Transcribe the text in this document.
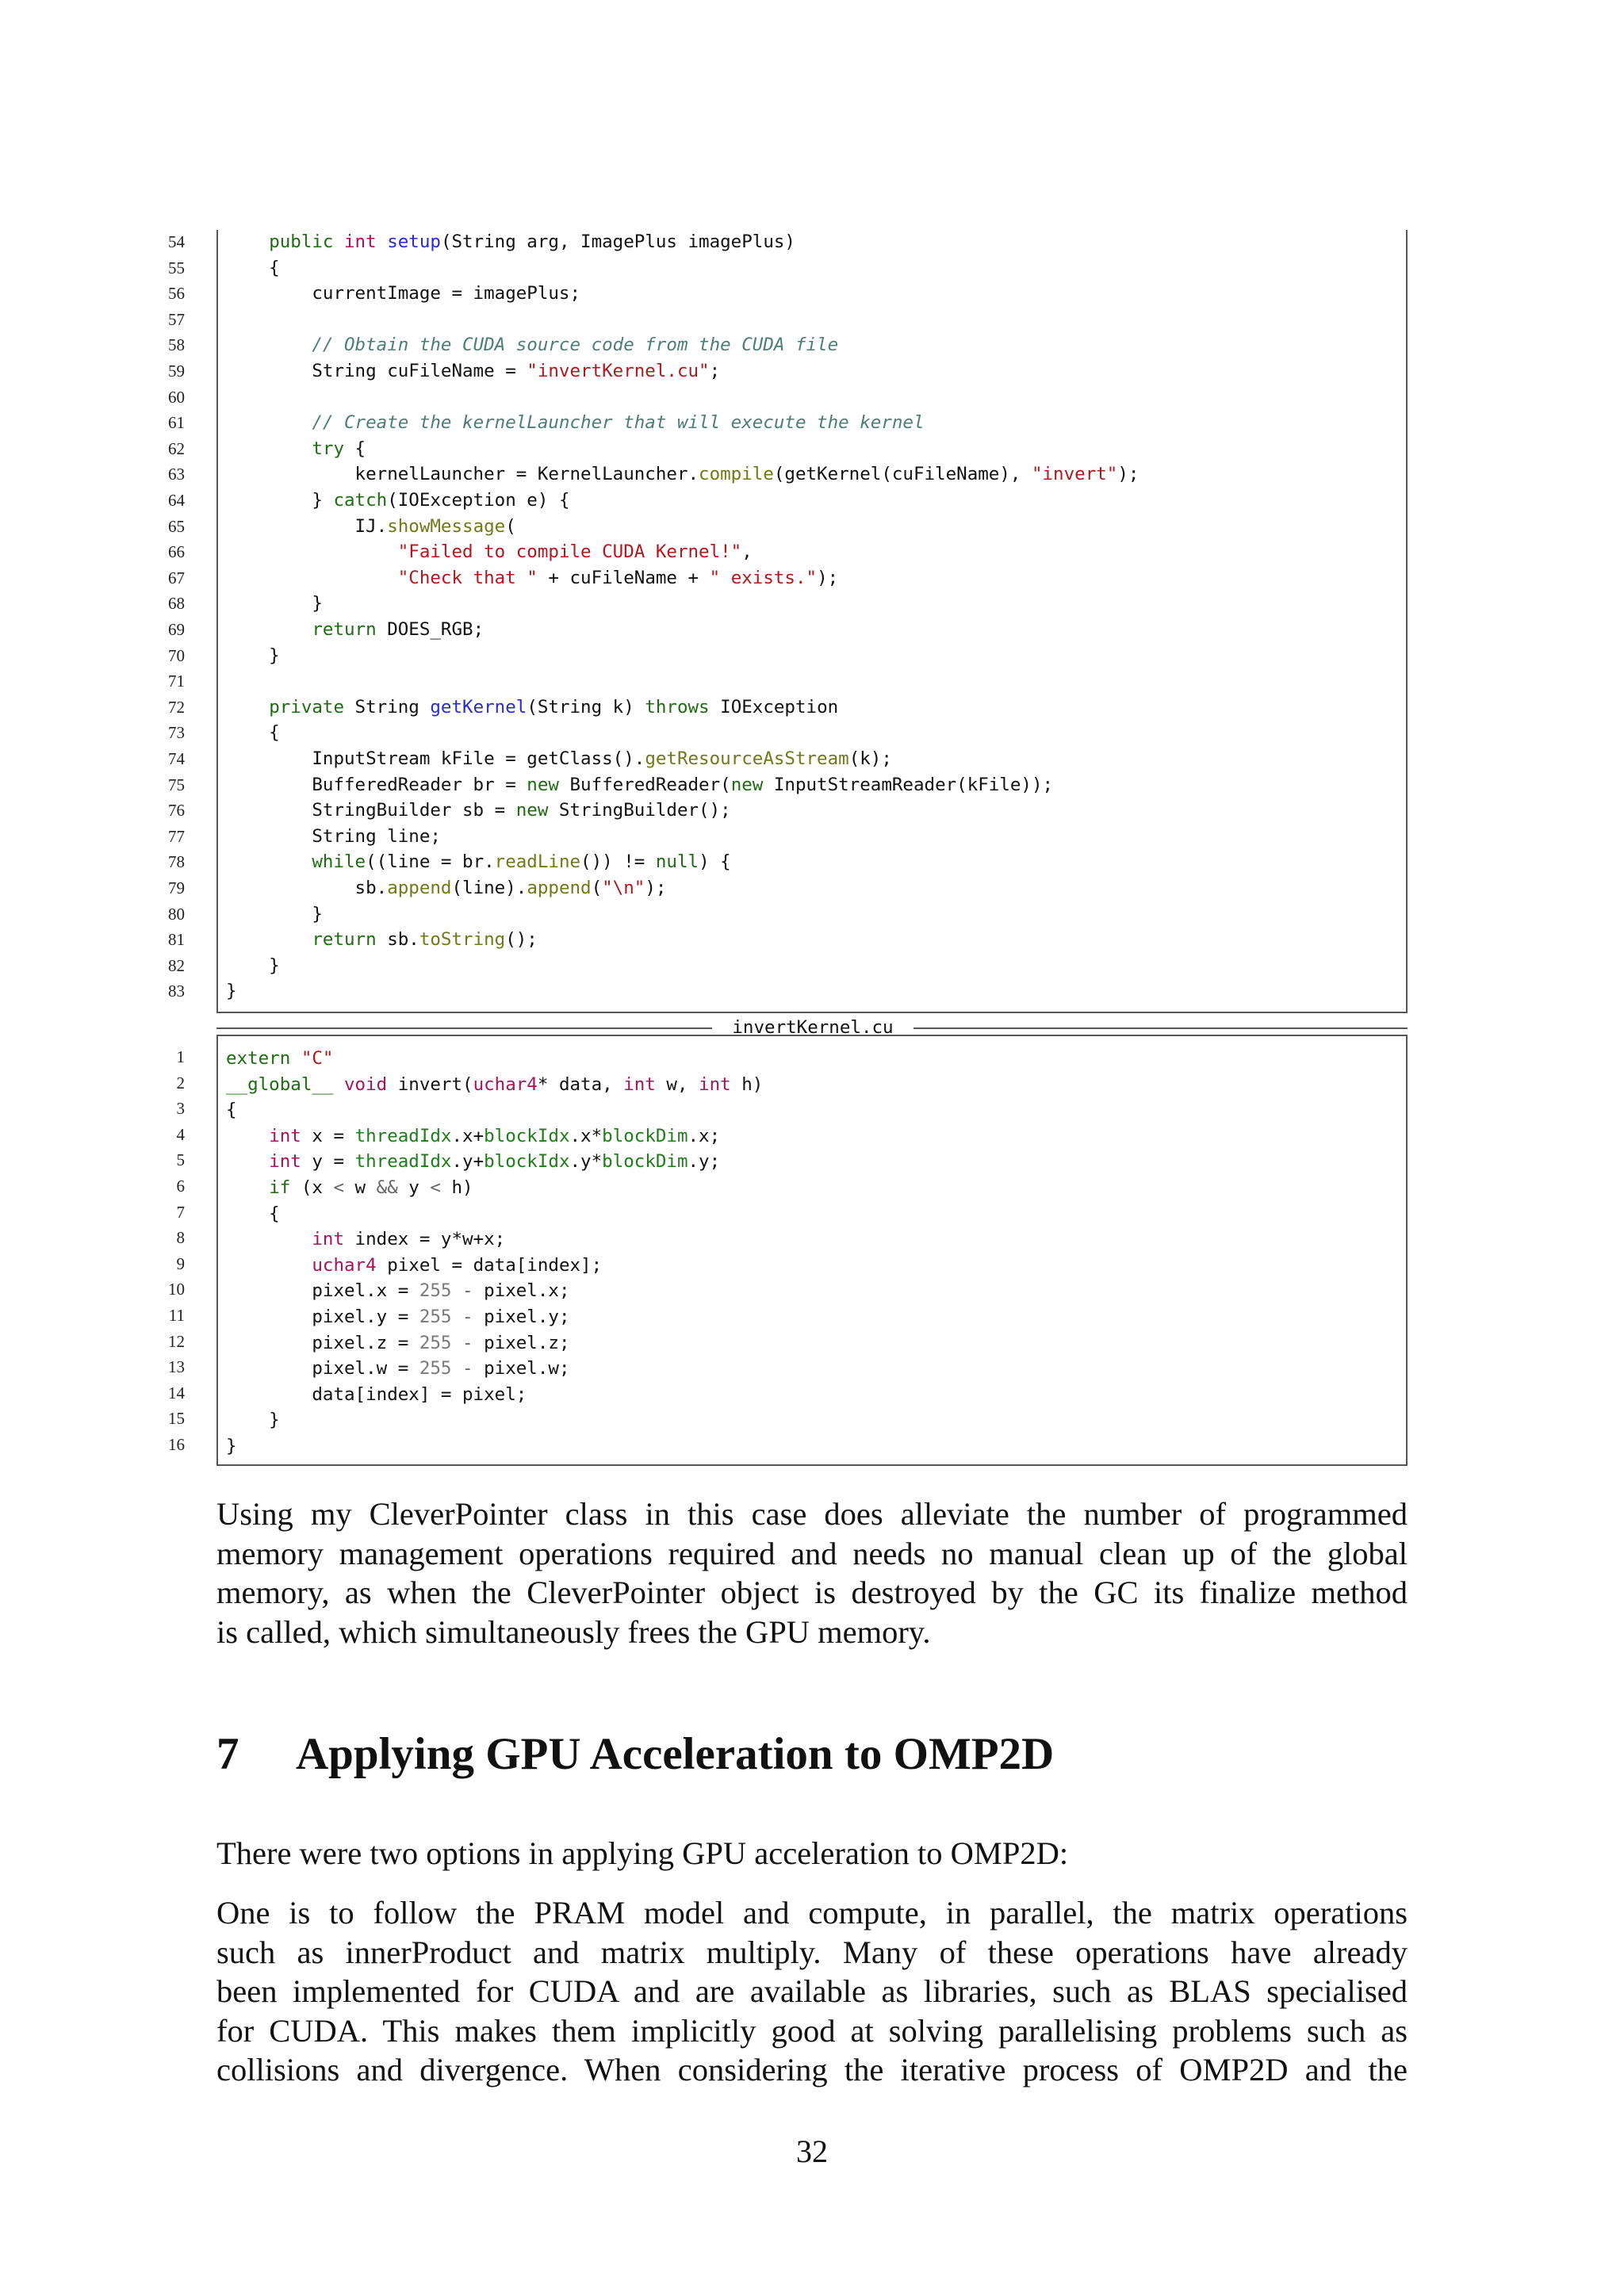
public int setup(String arg, ImagePlus imagePlus)
{
currentImage = imagePlus;
// Obtain the CUDA source code from the CUDA file
String cuFileName = "invertKernel.cu";
// Create the kernelLauncher that will execute the kernel
try {
kernelLauncher = KernelLauncher.compile(getKernel(cuFileName), "invert");
} catch(IOException e) {
IJ.showMessage(
"Failed to compile CUDA Kernel!",
"Check that " + cuFileName + " exists.");
}
return DOES_RGB;
}
private String getKernel(String k) throws IOException
{
InputStream kFile = getClass().getResourceAsStream(k);
BufferedReader br = new BufferedReader(new InputStreamReader(kFile));
StringBuilder sb = new StringBuilder();
String line;
while((line = br.readLine()) != null) {
sb.append(line).append("\n");
}
return sb.toString();
}
}
54
55
56
57
58
59
60
61
62
63
64
65
66
67
68
69
70
71
72
73
74
75
76
77
78
79
80
81
82
83
invertKernel.cu
extern "C"
__global__ void invert(uchar4* data, int w, int h)
{
int x = threadIdx.x+blockIdx.x*blockDim.x;
int y = threadIdx.y+blockIdx.y*blockDim.y;
if (x < w && y < h)
{
int index = y*w+x;
uchar4 pixel = data[index];
pixel.x = 255 - pixel.x;
pixel.y = 255 - pixel.y;
pixel.z = 255 - pixel.z;
pixel.w = 255 - pixel.w;
data[index] = pixel;
}
}
1
2
3
4
5
6
7
8
9
10
11
12
13
14
15
16
Using my CleverPointer class in this case does alleviate the number of programmed
memory management operations required and needs no manual clean up of the global
memory, as when the CleverPointer object is destroyed by the GC its finalize method
is called, which simultaneously frees the GPU memory.
7 Applying GPU Acceleration to OMP2D
There were two options in applying GPU acceleration to OMP2D:
One is to follow the PRAM model and compute, in parallel, the matrix operations
such as innerProduct and matrix multiply. Many of these operations have already
been implemented for CUDA and are available as libraries, such as BLAS specialised
for CUDA. This makes them implicitly good at solving parallelising problems such as
collisions and divergence. When considering the iterative process of OMP2D and the
32
